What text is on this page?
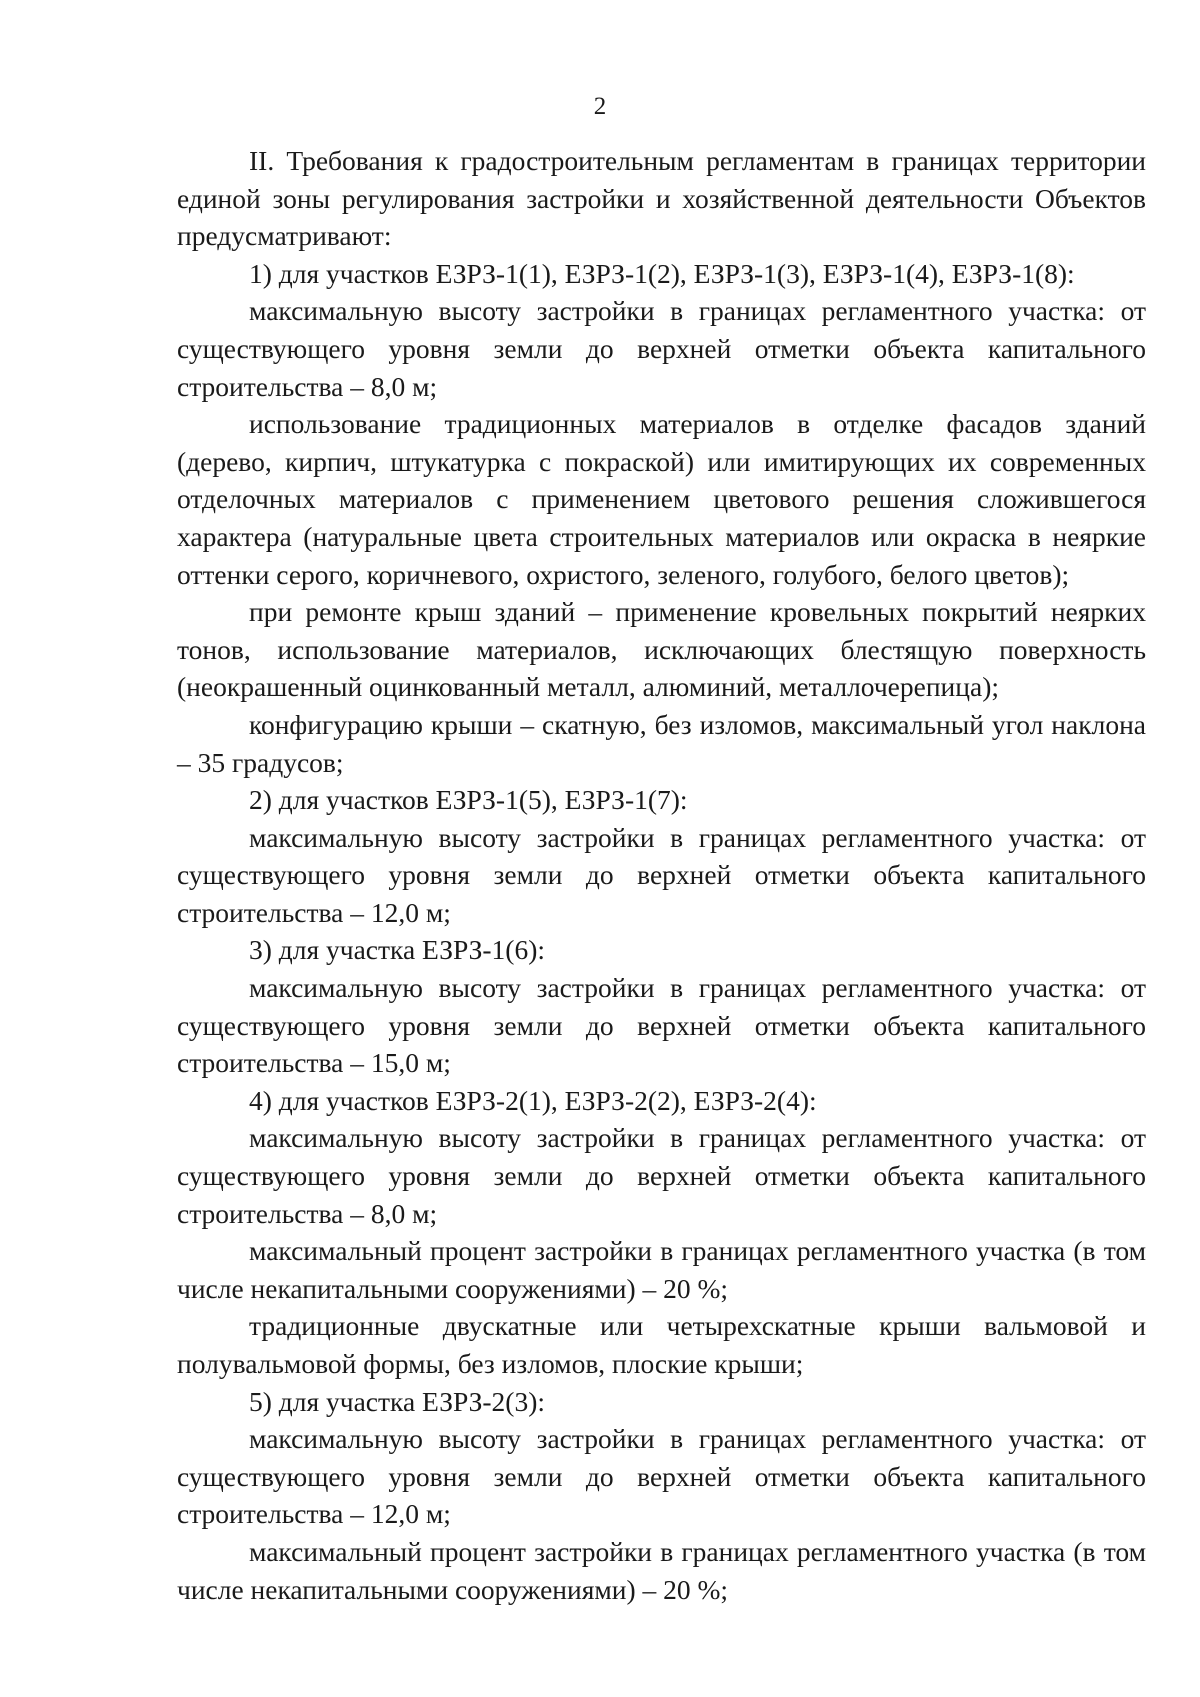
2

II. Требования к градостроительным регламентам в границах территории единой зоны регулирования застройки и хозяйственной деятельности Объектов предусматривают:

1) для участков ЕЗРЗ-1(1), ЕЗРЗ-1(2), ЕЗРЗ-1(3), ЕЗРЗ-1(4), ЕЗРЗ-1(8):

максимальную высоту застройки в границах регламентного участка: от существующего уровня земли до верхней отметки объекта капитального строительства – 8,0 м;

использование традиционных материалов в отделке фасадов зданий (дерево, кирпич, штукатурка с покраской) или имитирующих их современных отделочных материалов с применением цветового решения сложившегося характера (натуральные цвета строительных материалов или окраска в неяркие оттенки серого, коричневого, охристого, зеленого, голубого, белого цветов);

при ремонте крыш зданий – применение кровельных покрытий неярких тонов, использование материалов, исключающих блестящую поверхность (неокрашенный оцинкованный металл, алюминий, металлочерепица);

конфигурацию крыши – скатную, без изломов, максимальный угол наклона – 35 градусов;

2) для участков ЕЗРЗ-1(5), ЕЗРЗ-1(7):

максимальную высоту застройки в границах регламентного участка: от существующего уровня земли до верхней отметки объекта капитального строительства – 12,0 м;

3) для участка ЕЗРЗ-1(6):

максимальную высоту застройки в границах регламентного участка: от существующего уровня земли до верхней отметки объекта капитального строительства – 15,0 м;

4) для участков ЕЗРЗ-2(1), ЕЗРЗ-2(2), ЕЗРЗ-2(4):

максимальную высоту застройки в границах регламентного участка: от существующего уровня земли до верхней отметки объекта капитального строительства – 8,0 м;

максимальный процент застройки в границах регламентного участка (в том числе некапитальными сооружениями) – 20 %;

традиционные двускатные или четырехскатные крыши вальмовой и полувальмовой формы, без изломов, плоские крыши;

5) для участка ЕЗРЗ-2(3):

максимальную высоту застройки в границах регламентного участка: от существующего уровня земли до верхней отметки объекта капитального строительства – 12,0 м;

максимальный процент застройки в границах регламентного участка (в том числе некапитальными сооружениями) – 20 %;
